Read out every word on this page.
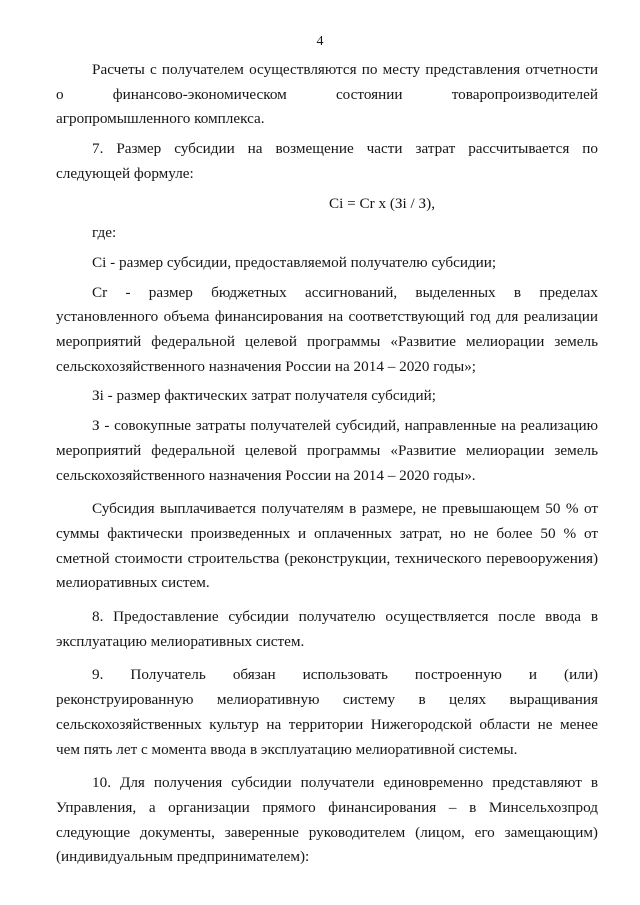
4

Расчеты с получателем осуществляются по месту представления отчетности о финансово-экономическом состоянии товаропроизводителей агропромышленного комплекса.

7. Размер субсидии на возмещение части затрат рассчитывается по следующей формуле:

Ci = Cr x (Зi / З),

где:

Ci - размер субсидии, предоставляемой получателю субсидии;

Cr - размер бюджетных ассигнований, выделенных в пределах установленного объема финансирования на соответствующий год для реализации мероприятий федеральной целевой программы «Развитие мелиорации земель сельскохозяйственного назначения России на 2014 – 2020 годы»;

Зi - размер фактических затрат получателя субсидий;

З - совокупные затраты получателей субсидий, направленные на реализацию мероприятий федеральной целевой программы «Развитие мелиорации земель сельскохозяйственного назначения России на 2014 – 2020 годы».

Субсидия выплачивается получателям в размере, не превышающем 50 % от суммы фактически произведенных и оплаченных затрат, но не более 50 % от сметной стоимости строительства (реконструкции, технического перевооружения) мелиоративных систем.

8. Предоставление субсидии получателю осуществляется после ввода в эксплуатацию мелиоративных систем.

9. Получатель обязан использовать построенную и (или) реконструированную мелиоративную систему в целях выращивания сельскохозяйственных культур на территории Нижегородской области не менее чем пять лет с момента ввода в эксплуатацию мелиоративной системы.

10. Для получения субсидии получатели единовременно представляют в Управления, а организации прямого финансирования – в Минсельхозпрод следующие документы, заверенные руководителем (лицом, его замещающим) (индивидуальным предпринимателем):
